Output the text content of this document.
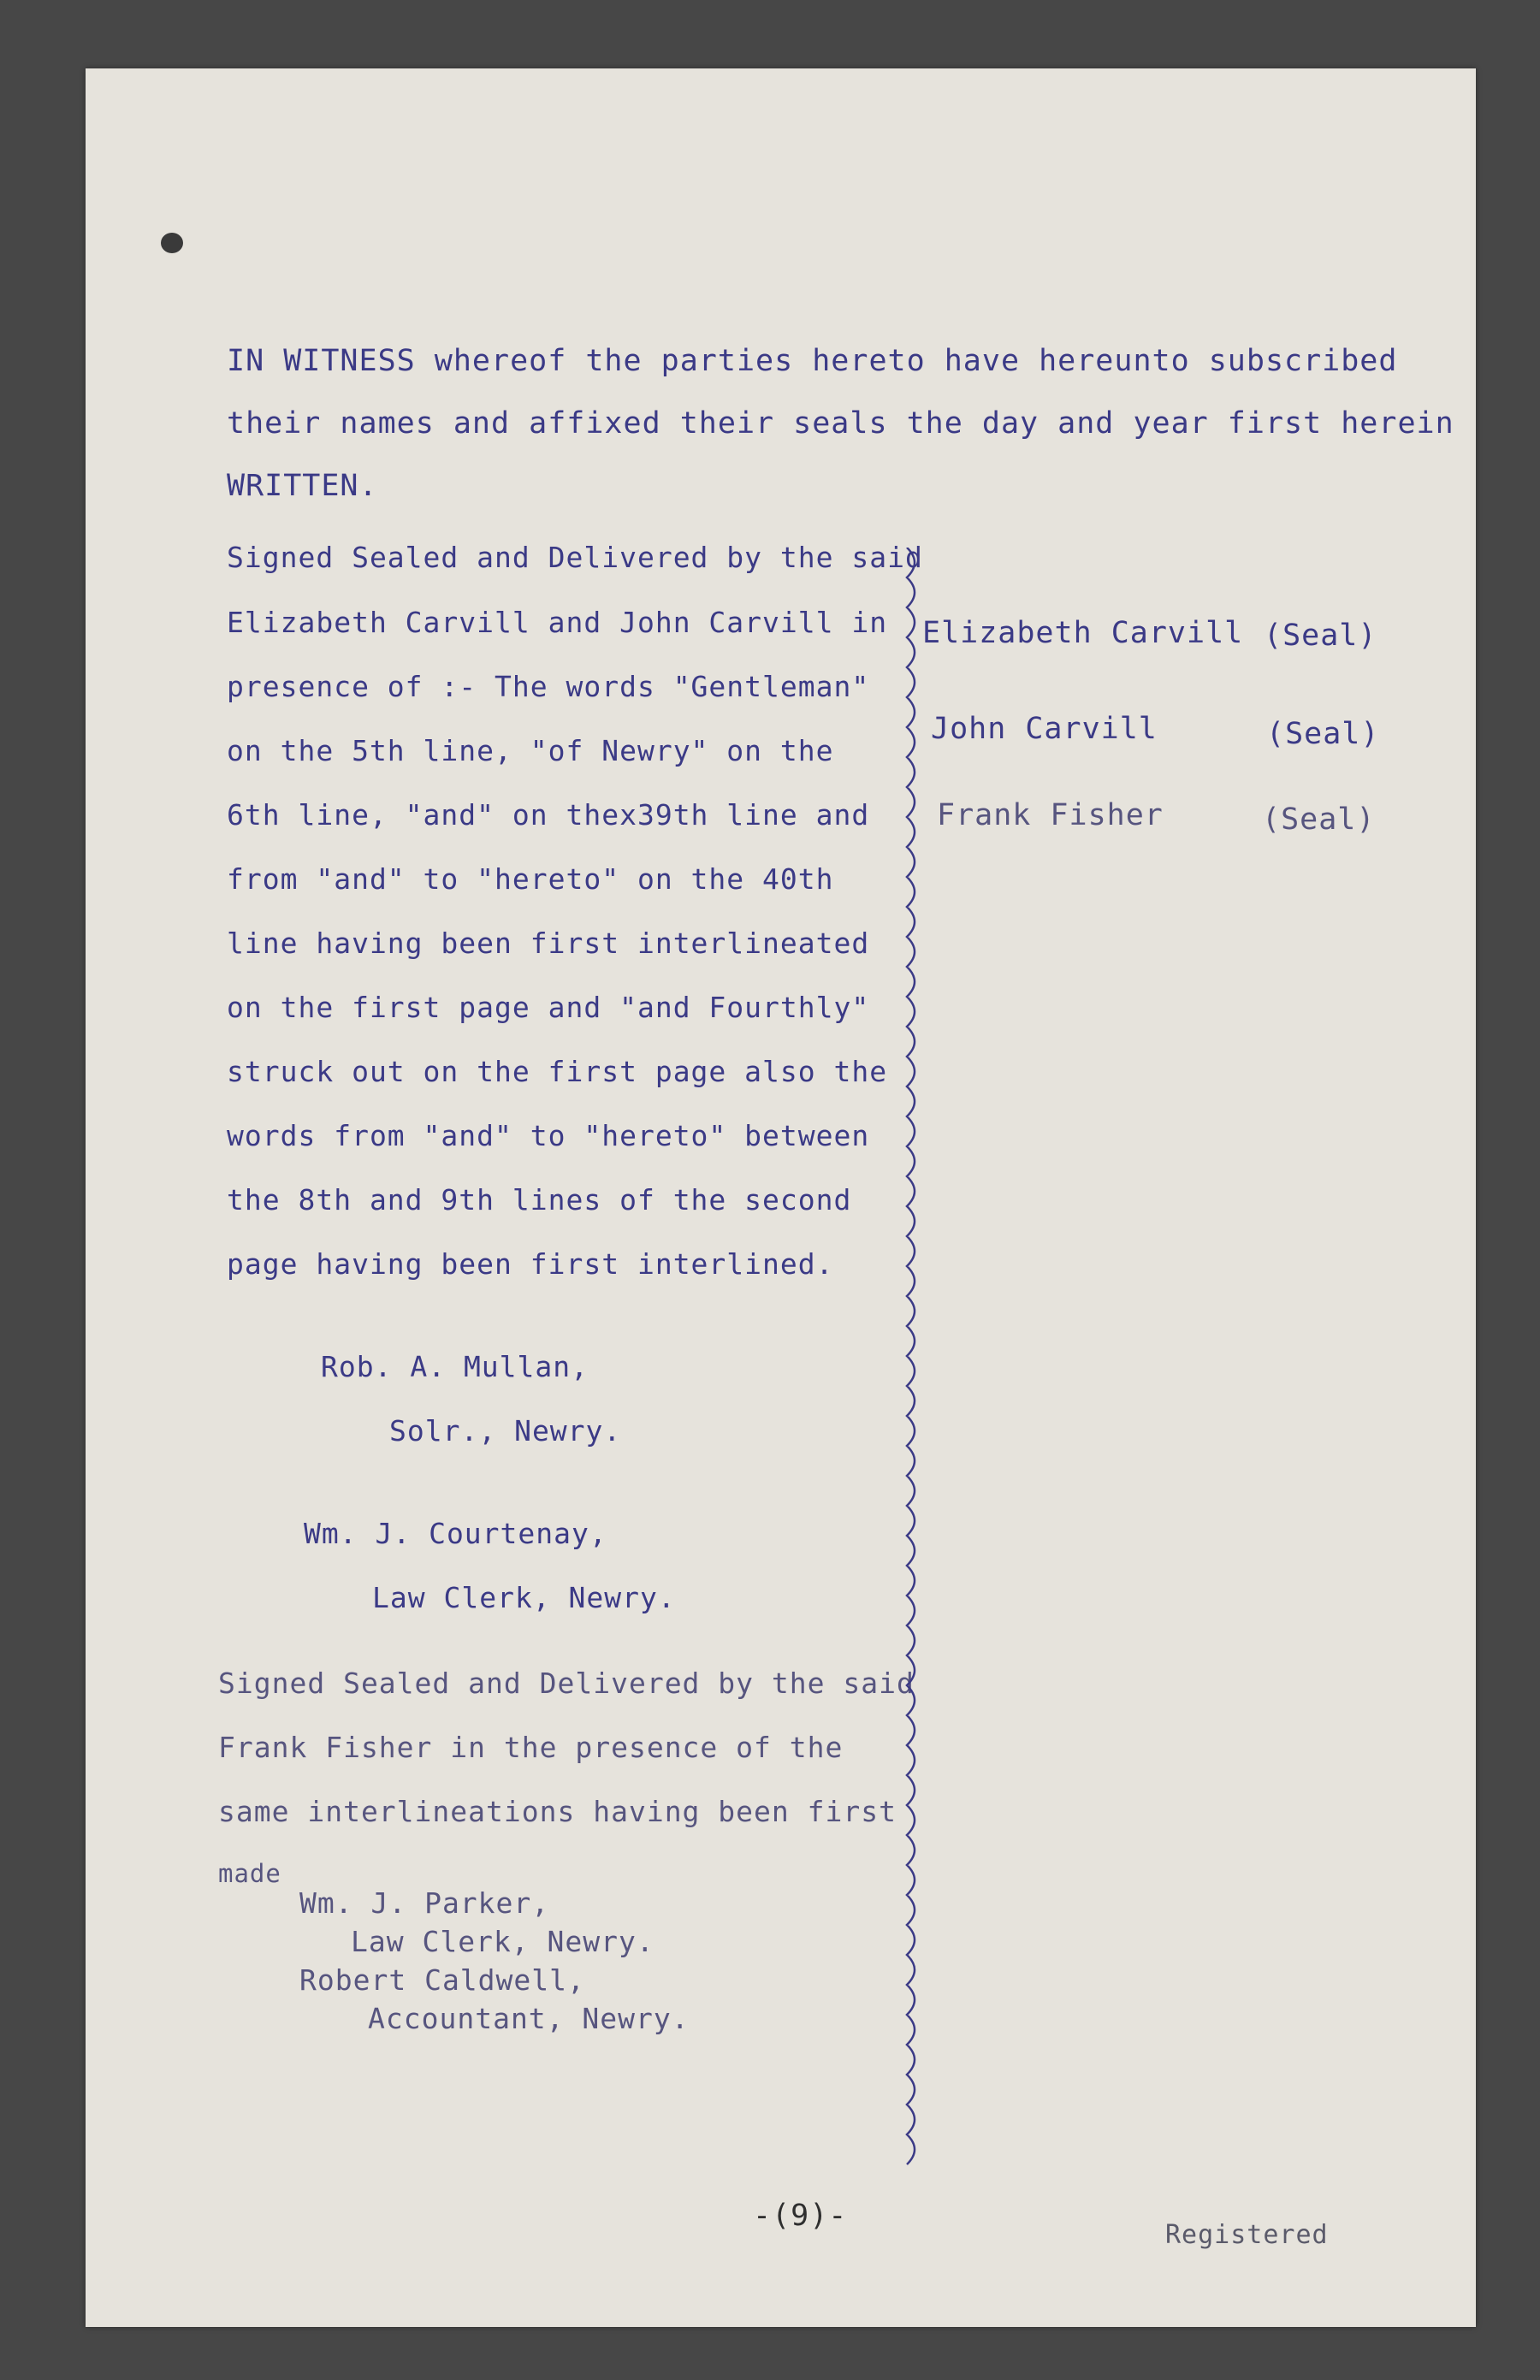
IN WITNESS whereof the parties hereto have hereunto subscribed
their names and affixed their seals the day and year first herein
WRITTEN.
Signed Sealed and Delivered by the said
Elizabeth Carvill and John Carvill in
presence of :- The words "Gentleman"
on the 5th line, "of Newry" on the
6th line, "and" on thex39th line and
from "and" to "hereto" on the 40th
line having been first interlineated
on the first page and "and Fourthly"
struck out on the first page also the
words from "and" to "hereto" between
the 8th and 9th lines of the second
page having been first interlined.
Rob. A. Mullan,
Solr., Newry.
Wm. J. Courtenay,
Law Clerk, Newry.
Signed Sealed and Delivered by the said
Frank Fisher in the presence of the
same interlineations having been first
made
Wm. J. Parker,
Law Clerk, Newry.
Robert Caldwell,
Accountant, Newry.
Elizabeth Carvill (Seal)
John Carvill	(Seal)
Frank Fisher	(Seal)
-(9)-
Registered
